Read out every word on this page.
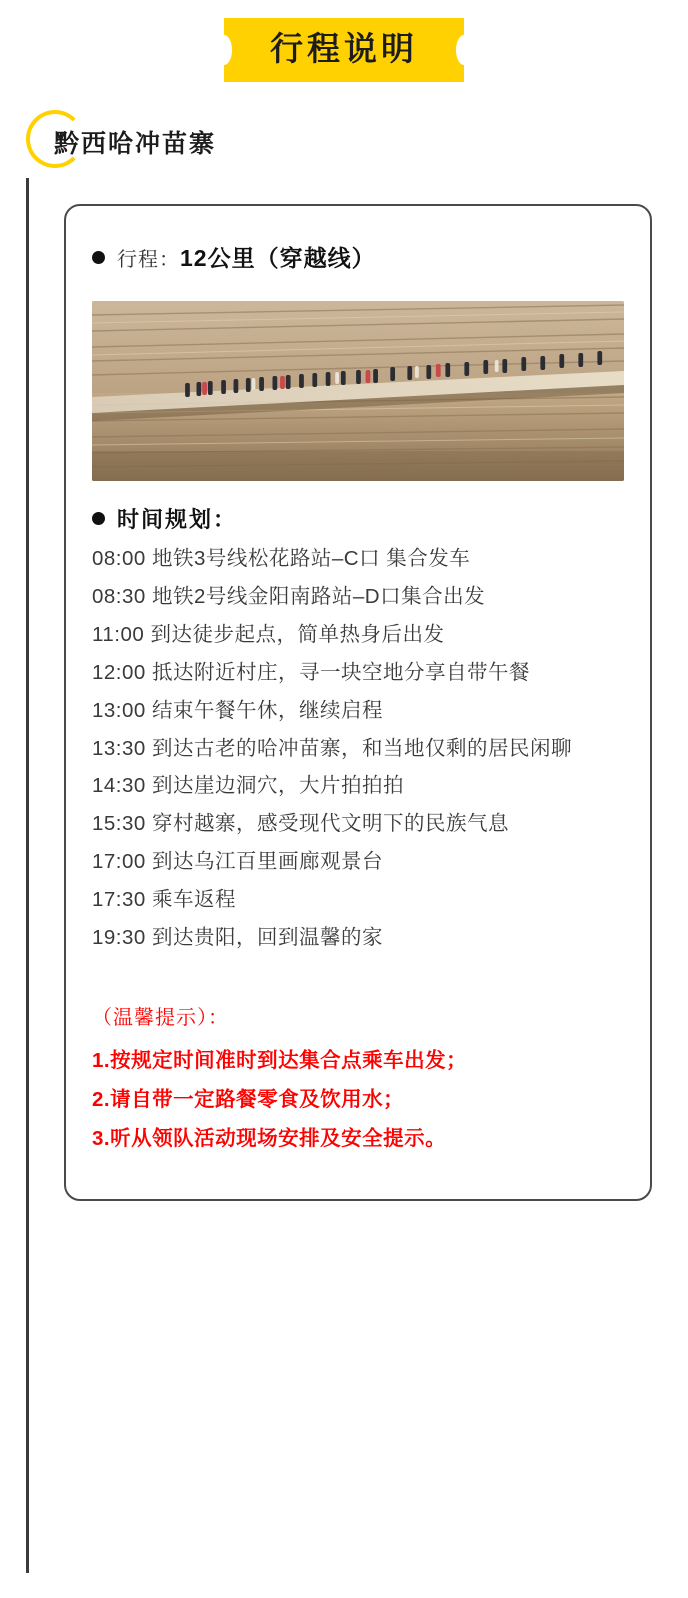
行程说明
黔西哈冲苗寨
行程： 12公里（穿越线）
时间规划：
08:00 地铁3号线松花路站–C口 集合发车
08:30 地铁2号线金阳南路站–D口集合出发
11:00 到达徒步起点，简单热身后出发
12:00 抵达附近村庄，寻一块空地分享自带午餐
13:00 结束午餐午休，继续启程
13:30 到达古老的哈冲苗寨，和当地仅剩的居民闲聊
14:30 到达崖边洞穴，大片拍拍拍
15:30 穿村越寨，感受现代文明下的民族气息
17:00 到达乌江百里画廊观景台
17:30 乘车返程
19:30 到达贵阳，回到温馨的家
（温馨提示）：
1.按规定时间准时到达集合点乘车出发；
2.请自带一定路餐零食及饮用水；
3.听从领队活动现场安排及安全提示。
